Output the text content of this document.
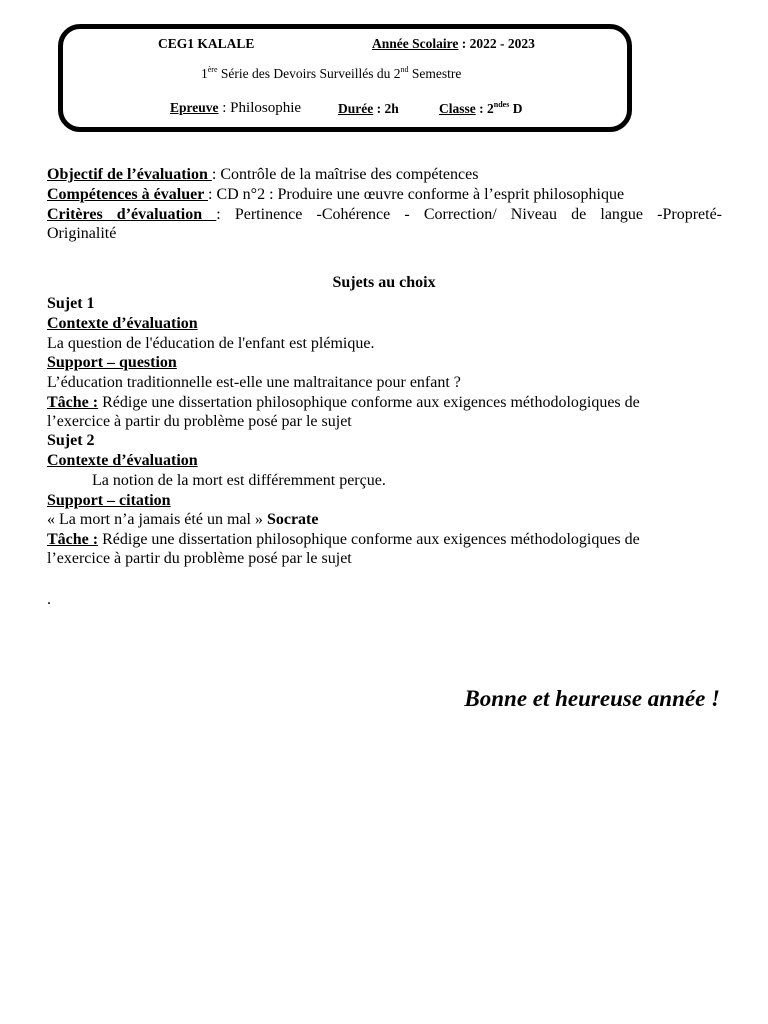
CEG1 KALALE	Année Scolaire : 2022 - 2023
1ère Série des Devoirs Surveillés du 2nd Semestre
Epreuve : Philosophie	Durée : 2h	Classe : $2^{ndes}$ D
Objectif de l’évaluation : Contrôle de la maîtrise des compétences
Compétences à évaluer : CD n°2 : Produire une œuvre conforme à l’esprit philosophique
Critères d’évaluation : Pertinence -Cohérence - Correction/ Niveau de langue -Propreté-
Originalité
Sujets au choix
Sujet 1
Contexte d’évaluation
La question de l'éducation de l'enfant est plémique.
Support – question
L’éducation traditionnelle est-elle une maltraitance pour enfant ?
Tâche : Rédige une dissertation philosophique conforme aux exigences méthodologiques de
l’exercice à partir du problème posé par le sujet
Sujet 2
Contexte d’évaluation
La notion de la mort est différemment perçue.
Support – citation
« La mort n’a jamais été un mal » Socrate
Tâche : Rédige une dissertation philosophique conforme aux exigences méthodologiques de
l’exercice à partir du problème posé par le sujet
.
Bonne et heureuse année !
